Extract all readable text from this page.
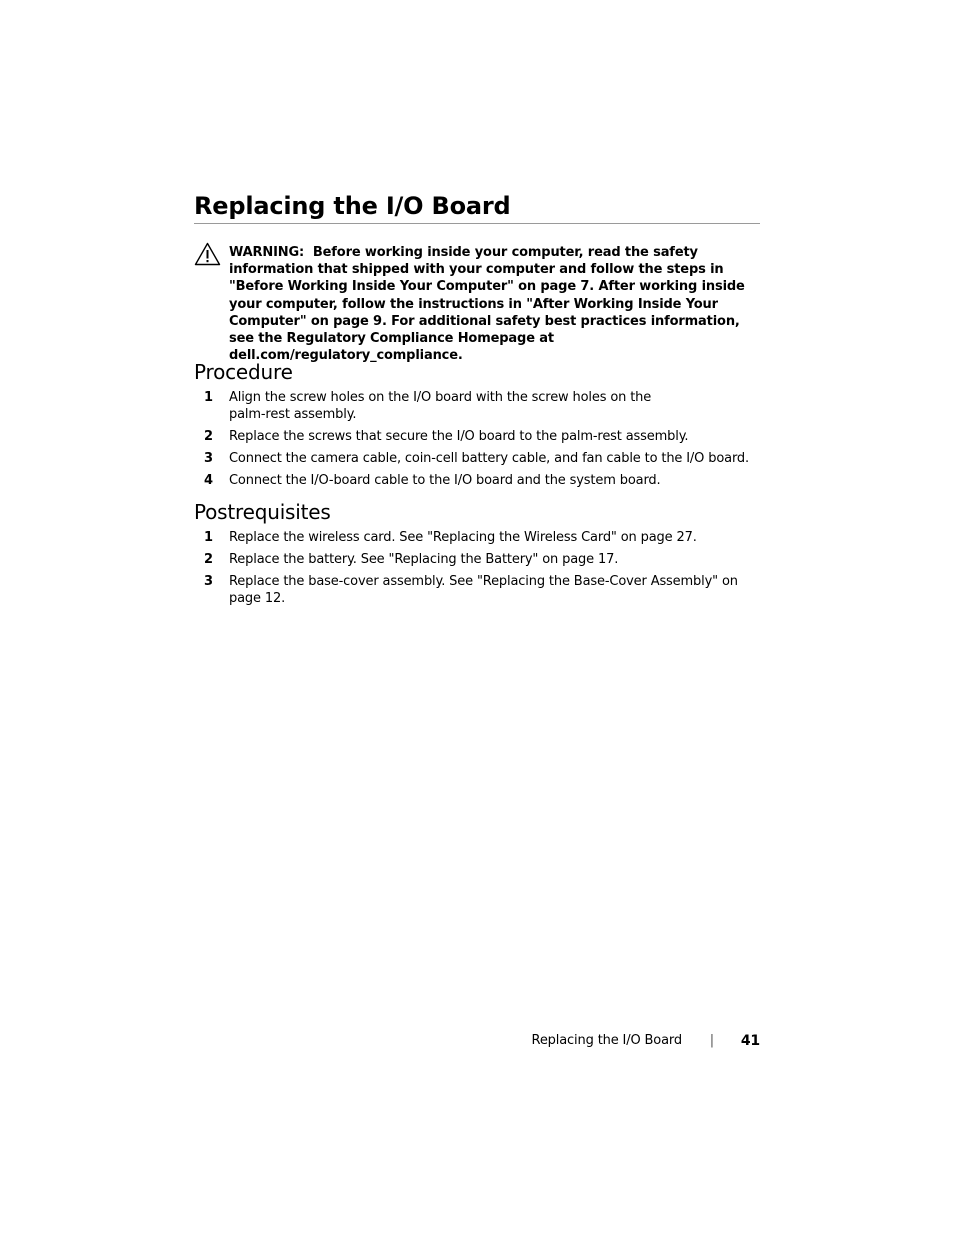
Replacing the I/O Board

WARNING: Before working inside your computer, read the safety information that shipped with your computer and follow the steps in "Before Working Inside Your Computer" on page 7. After working inside your computer, follow the instructions in "After Working Inside Your Computer" on page 9. For additional safety best practices information, see the Regulatory Compliance Homepage at dell.com/regulatory_compliance.

Procedure
1 Align the screw holes on the I/O board with the screw holes on the
palm-rest assembly.
2 Replace the screws that secure the I/O board to the palm-rest assembly.
3 Connect the camera cable, coin-cell battery cable, and fan cable to the I/O board.
4 Connect the I/O-board cable to the I/O board and the system board.
Postrequisites
1 Replace the wireless card. See "Replacing the Wireless Card" on page 27.
2 Replace the battery. See "Replacing the Battery" on page 17.
3 Replace the base-cover assembly. See "Replacing the Base-Cover Assembly" on page 12.
Replacing the I/O Board | 41
